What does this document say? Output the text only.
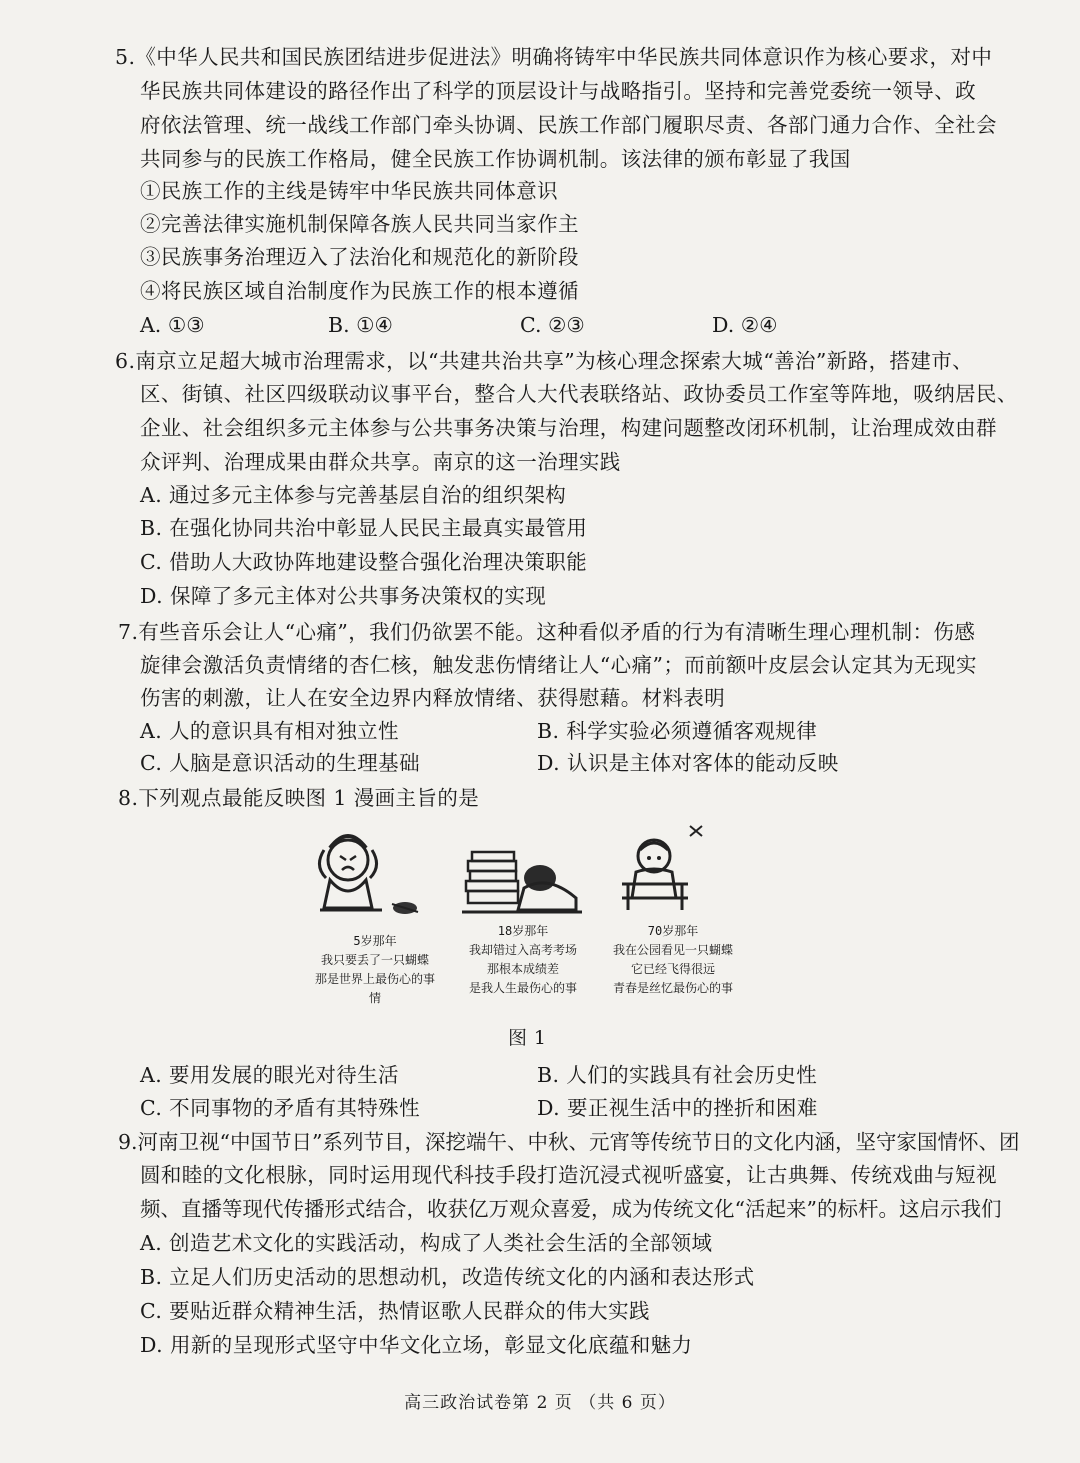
5.《中华人民共和国民族团结进步促进法》明确将铸牢中华民族共同体意识作为核心要求，对中
华民族共同体建设的路径作出了科学的顶层设计与战略指引。坚持和完善党委统一领导、政
府依法管理、统一战线工作部门牵头协调、民族工作部门履职尽责、各部门通力合作、全社会
共同参与的民族工作格局，健全民族工作协调机制。该法律的颁布彰显了我国
①民族工作的主线是铸牢中华民族共同体意识
②完善法律实施机制保障各族人民共同当家作主
③民族事务治理迈入了法治化和规范化的新阶段
④将民族区域自治制度作为民族工作的根本遵循
A. ①③	B. ①④	C. ②③	D. ②④
6.南京立足超大城市治理需求，以“共建共治共享”为核心理念探索大城“善治”新路，搭建市、
区、街镇、社区四级联动议事平台，整合人大代表联络站、政协委员工作室等阵地，吸纳居民、
企业、社会组织多元主体参与公共事务决策与治理，构建问题整改闭环机制，让治理成效由群
众评判、治理成果由群众共享。南京的这一治理实践
A. 通过多元主体参与完善基层自治的组织架构
B. 在强化协同共治中彰显人民民主最真实最管用
C. 借助人大政协阵地建设整合强化治理决策职能
D. 保障了多元主体对公共事务决策权的实现
7.有些音乐会让人“心痛”，我们仍欲罢不能。这种看似矛盾的行为有清晰生理心理机制：伤感
旋律会激活负责情绪的杏仁核，触发悲伤情绪让人“心痛”；而前额叶皮层会认定其为无现实
伤害的刺激，让人在安全边界内释放情绪、获得慰藉。材料表明
A. 人的意识具有相对独立性	B. 科学实验必须遵循客观规律
C. 人脑是意识活动的生理基础	D. 认识是主体对客体的能动反映
8.下列观点最能反映图 1 漫画主旨的是
5岁那年
我只要丢了一只蝴蝶
那是世界上最伤心的事情
18岁那年
我却错过入高考考场
那根本成绩差
是我人生最伤心的事
70岁那年
我在公园看见一只蝴蝶
它已经飞得很远
青春是丝忆最伤心的事
图 1
A. 要用发展的眼光对待生活	B. 人们的实践具有社会历史性
C. 不同事物的矛盾有其特殊性	D. 要正视生活中的挫折和困难
9.河南卫视“中国节日”系列节目，深挖端午、中秋、元宵等传统节日的文化内涵，坚守家国情怀、团
圆和睦的文化根脉，同时运用现代科技手段打造沉浸式视听盛宴，让古典舞、传统戏曲与短视
频、直播等现代传播形式结合，收获亿万观众喜爱，成为传统文化“活起来”的标杆。这启示我们
A. 创造艺术文化的实践活动，构成了人类社会生活的全部领域
B. 立足人们历史活动的思想动机，改造传统文化的内涵和表达形式
C. 要贴近群众精神生活，热情讴歌人民群众的伟大实践
D. 用新的呈现形式坚守中华文化立场，彰显文化底蕴和魅力
高三政治试卷第 2 页 （共 6 页）
